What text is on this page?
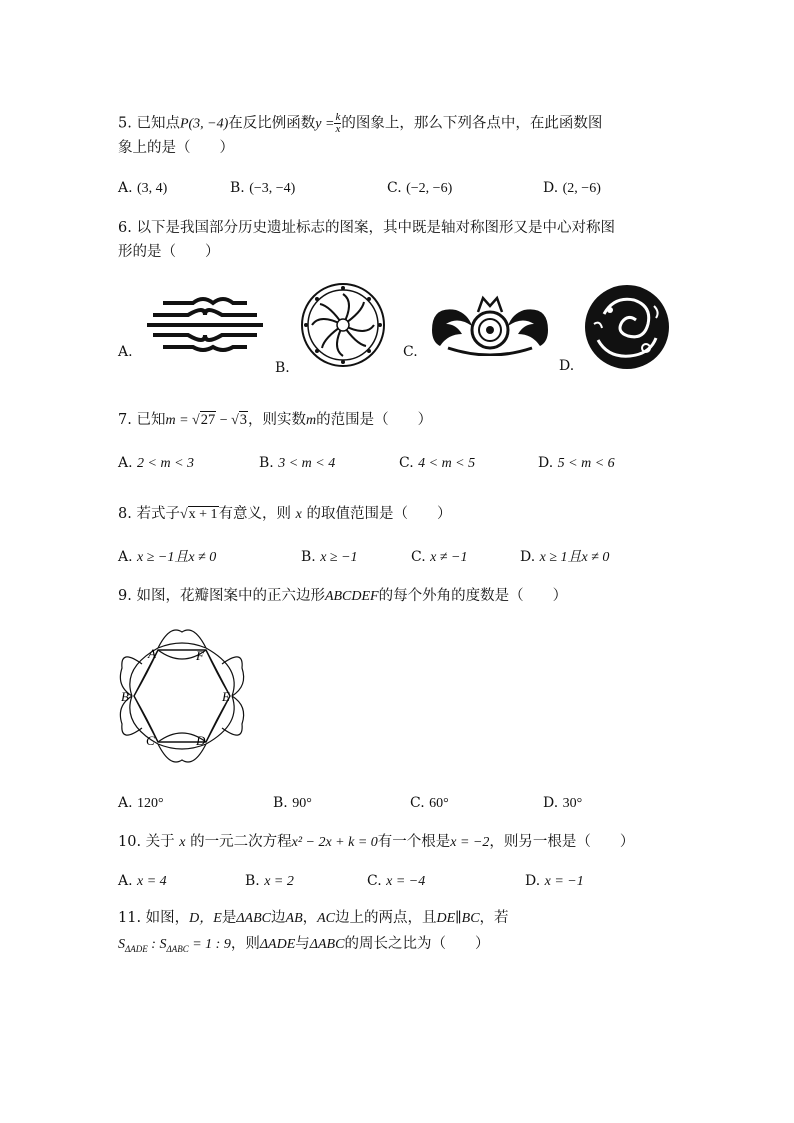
5. 已知点P(3, −4)在反比例函数$y = \frac{k}{x}$ 的图象上，那么下列各点中，在此函数图
象上的是（　　）
A. (3, 4)	B. (−3, −4)	C. (−2, −6)	D. (2, −6)
6. 以下是我国部分历史遗址标志的图案，其中既是轴对称图形又是中心对称图
形的是（　　）
A.
B.
C.
D.
7. 已知m = √27 − √3，则实数m的范围是（　　）
A. 2 < m < 3	B. 3 < m < 4	C. 4 < m < 5	D. 5 < m < 6
8. 若式子√x + 1有意义，则 x 的取值范围是（　　）
A. x ≥ −1且x ≠ 0	B. x ≥ −1	C. x ≠ −1	D. x ≥ 1且x ≠ 0
9. 如图，花瓣图案中的正六边形ABCDEF的每个外角的度数是（　　）
A	F
B	E
C	D
A. 120°	B. 90°	C. 60°	D. 30°
10. 关于 x 的一元二次方程x² − 2x + k = 0有一个根是x = −2，则另一根是（　　）
A. x = 4	B. x = 2	C. x = −4	D. x = −1
11. 如图，D，E是ΔABC边AB，AC边上的两点，且DE∥BC，若
$S_{\Delta ADE}$ : $S_{\Delta ABC} = 1$ : 9，则ΔADE与ΔABC的周长之比为（　　）
